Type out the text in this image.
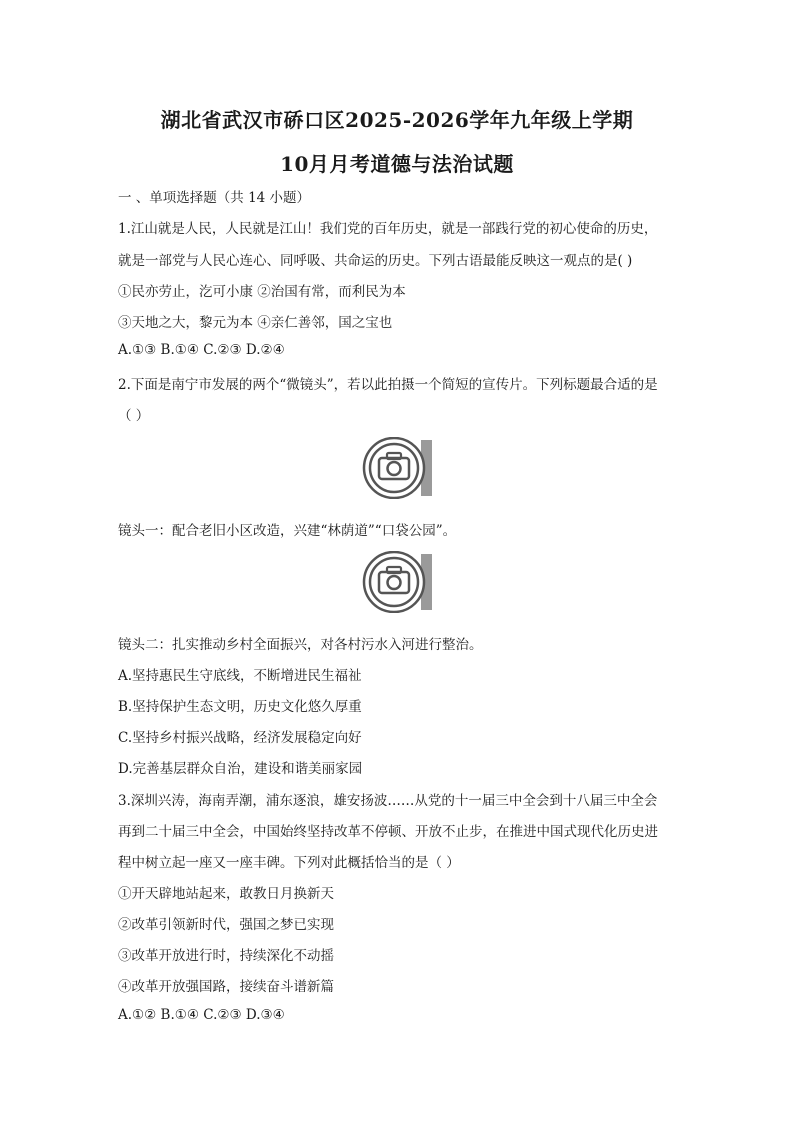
湖北省武汉市硚口区2025-2026学年九年级上学期
10月月考道德与法治试题
一 、单项选择题（共 14 小题）
1.江山就是人民，人民就是江山！我们党的百年历史，就是一部践行党的初心使命的历史，
就是一部党与人民心连心、同呼吸、共命运的历史。下列古语最能反映这一观点的是( )
①民亦劳止，汔可小康 ②治国有常，而利民为本
③天地之大，黎元为本 ④亲仁善邻，国之宝也
A.①③ B.①④ C.②③ D.②④
2.下面是南宁市发展的两个“微镜头”，若以此拍摄一个简短的宣传片。下列标题最合适的是
（ ）
镜头一：配合老旧小区改造，兴建“林荫道”“口袋公园”。
镜头二：扎实推动乡村全面振兴，对各村污水入河进行整治。
A.坚持惠民生守底线，不断增进民生福祉
B.坚持保护生态文明，历史文化悠久厚重
C.坚持乡村振兴战略，经济发展稳定向好
D.完善基层群众自治，建设和谐美丽家园
3.深圳兴涛，海南弄潮，浦东逐浪，雄安扬波……从党的十一届三中全会到十八届三中全会
再到二十届三中全会，中国始终坚持改革不停顿、开放不止步，在推进中国式现代化历史进
程中树立起一座又一座丰碑。下列对此概括恰当的是（ ）
①开天辟地站起来，敢教日月换新天
②改革引领新时代，强国之梦已实现
③改革开放进行时，持续深化不动摇
④改革开放强国路，接续奋斗谱新篇
A.①② B.①④ C.②③ D.③④
